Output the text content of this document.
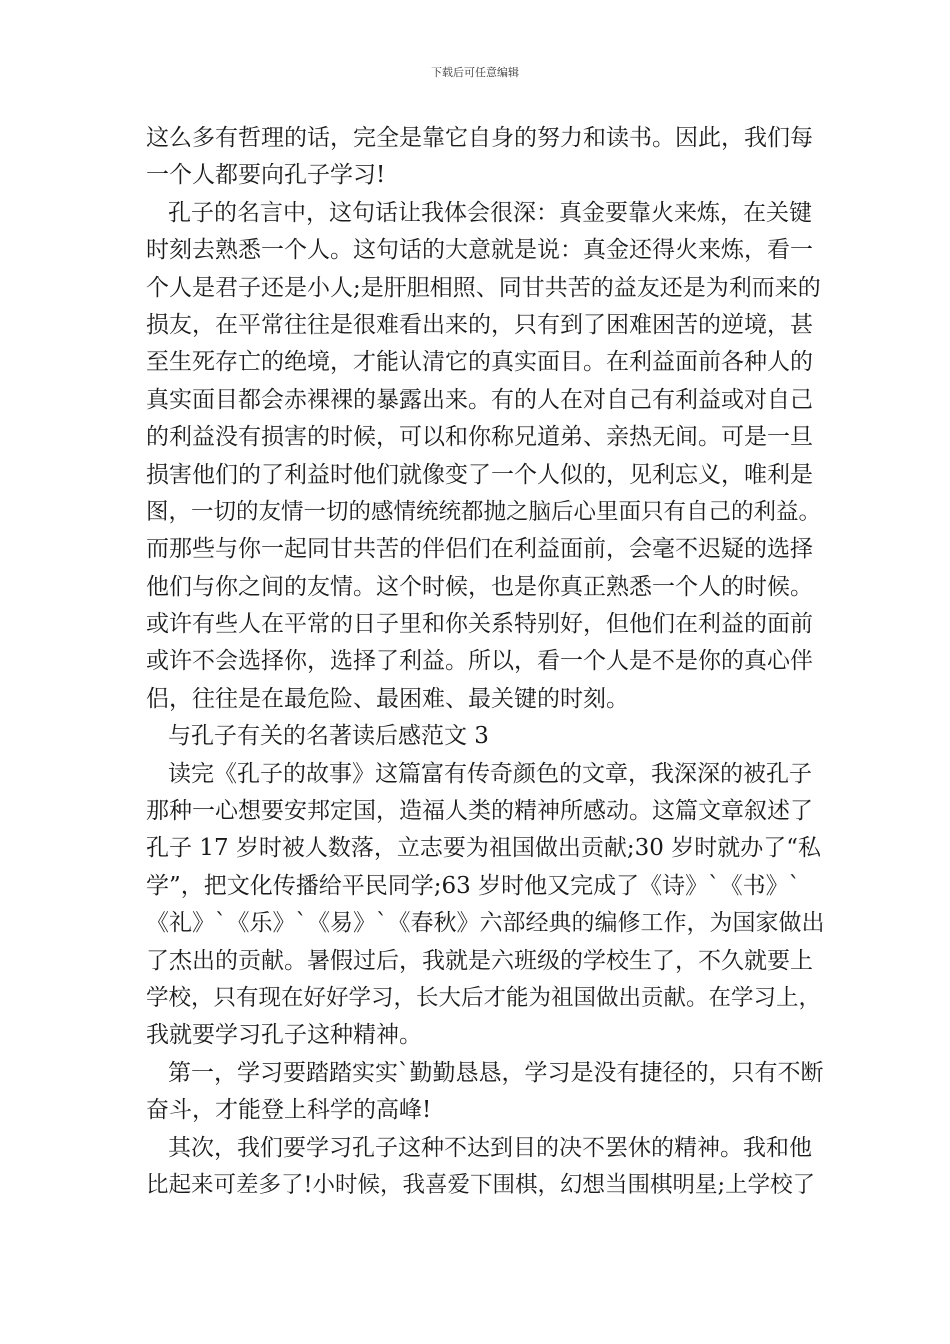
下载后可任意编辑
这么多有哲理的话，完全是靠它自身的努力和读书。因此，我们每
一个人都要向孔子学习!
孔子的名言中，这句话让我体会很深：真金要靠火来炼，在关键
时刻去熟悉一个人。这句话的大意就是说：真金还得火来炼，看一
个人是君子还是小人;是肝胆相照、同甘共苦的益友还是为利而来的
损友，在平常往往是很难看出来的，只有到了困难困苦的逆境，甚
至生死存亡的绝境，才能认清它的真实面目。在利益面前各种人的
真实面目都会赤裸裸的暴露出来。有的人在对自己有利益或对自己
的利益没有损害的时候，可以和你称兄道弟、亲热无间。可是一旦
损害他们的了利益时他们就像变了一个人似的，见利忘义，唯利是
图，一切的友情一切的感情统统都抛之脑后心里面只有自己的利益。
而那些与你一起同甘共苦的伴侣们在利益面前，会毫不迟疑的选择
他们与你之间的友情。这个时候，也是你真正熟悉一个人的时候。
或许有些人在平常的日子里和你关系特别好，但他们在利益的面前
或许不会选择你，选择了利益。所以，看一个人是不是你的真心伴
侣，往往是在最危险、最困难、最关键的时刻。
与孔子有关的名著读后感范文 3
读完《孔子的故事》这篇富有传奇颜色的文章，我深深的被孔子
那种一心想要安邦定国，造福人类的精神所感动。这篇文章叙述了
孔子 17 岁时被人数落，立志要为祖国做出贡献;30 岁时就办了“私
学”，把文化传播给平民同学;63 岁时他又完成了《诗》`《书》`
《礼》`《乐》`《易》`《春秋》六部经典的编修工作，为国家做出
了杰出的贡献。暑假过后，我就是六班级的学校生了，不久就要上
学校，只有现在好好学习，长大后才能为祖国做出贡献。在学习上，
我就要学习孔子这种精神。
第一，学习要踏踏实实`勤勤恳恳，学习是没有捷径的，只有不断
奋斗，才能登上科学的高峰!
其次，我们要学习孔子这种不达到目的决不罢休的精神。我和他
比起来可差多了!小时候，我喜爱下围棋，幻想当围棋明星;上学校了
